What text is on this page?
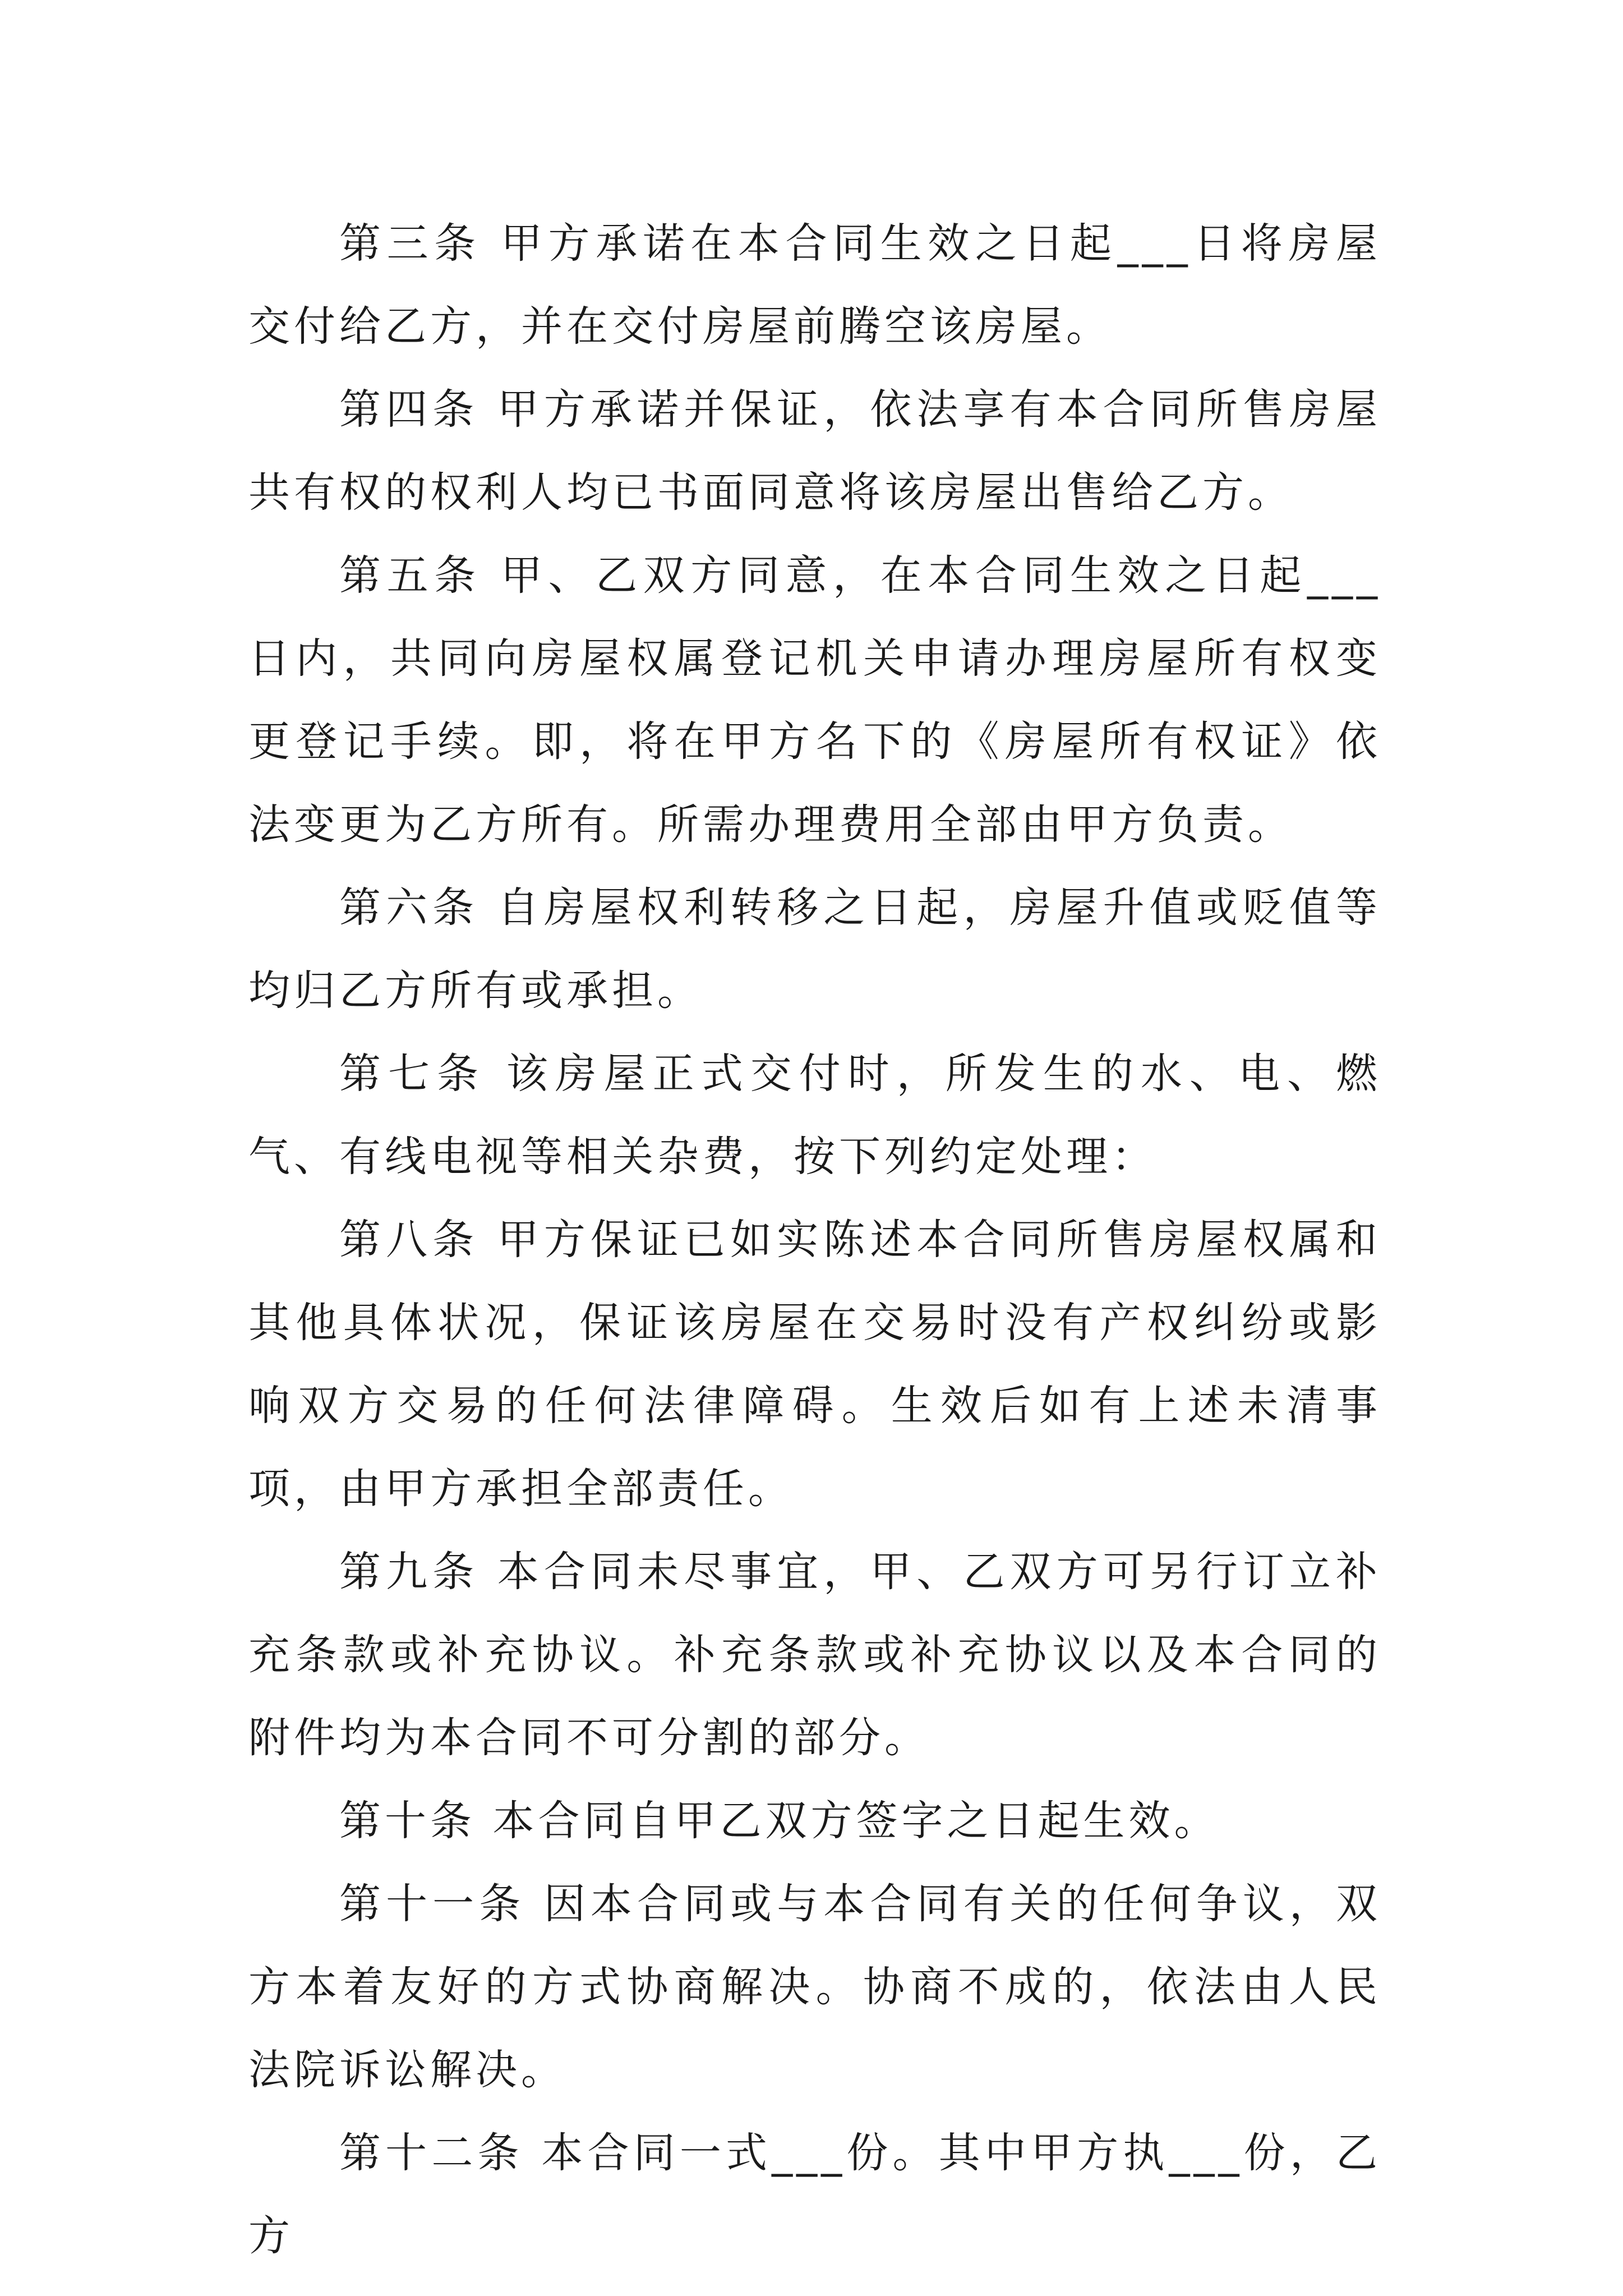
第三条 甲方承诺在本合同生效之日起___日将房屋交付给乙方，并在交付房屋前腾空该房屋。

第四条 甲方承诺并保证，依法享有本合同所售房屋共有权的权利人均已书面同意将该房屋出售给乙方。

第五条 甲、乙双方同意，在本合同生效之日起___日内，共同向房屋权属登记机关申请办理房屋所有权变更登记手续。即，将在甲方名下的《房屋所有权证》依法变更为乙方所有。所需办理费用全部由甲方负责。

第六条 自房屋权利转移之日起，房屋升值或贬值等均归乙方所有或承担。

第七条 该房屋正式交付时，所发生的水、电、燃气、有线电视等相关杂费，按下列约定处理：

第八条 甲方保证已如实陈述本合同所售房屋权属和其他具体状况，保证该房屋在交易时没有产权纠纷或影响双方交易的任何法律障碍。生效后如有上述未清事项，由甲方承担全部责任。

第九条 本合同未尽事宜，甲、乙双方可另行订立补充条款或补充协议。补充条款或补充协议以及本合同的附件均为本合同不可分割的部分。

第十条 本合同自甲乙双方签字之日起生效。

第十一条 因本合同或与本合同有关的任何争议，双方本着友好的方式协商解决。协商不成的，依法由人民法院诉讼解决。

第十二条 本合同一式___份。其中甲方执___份，乙方
